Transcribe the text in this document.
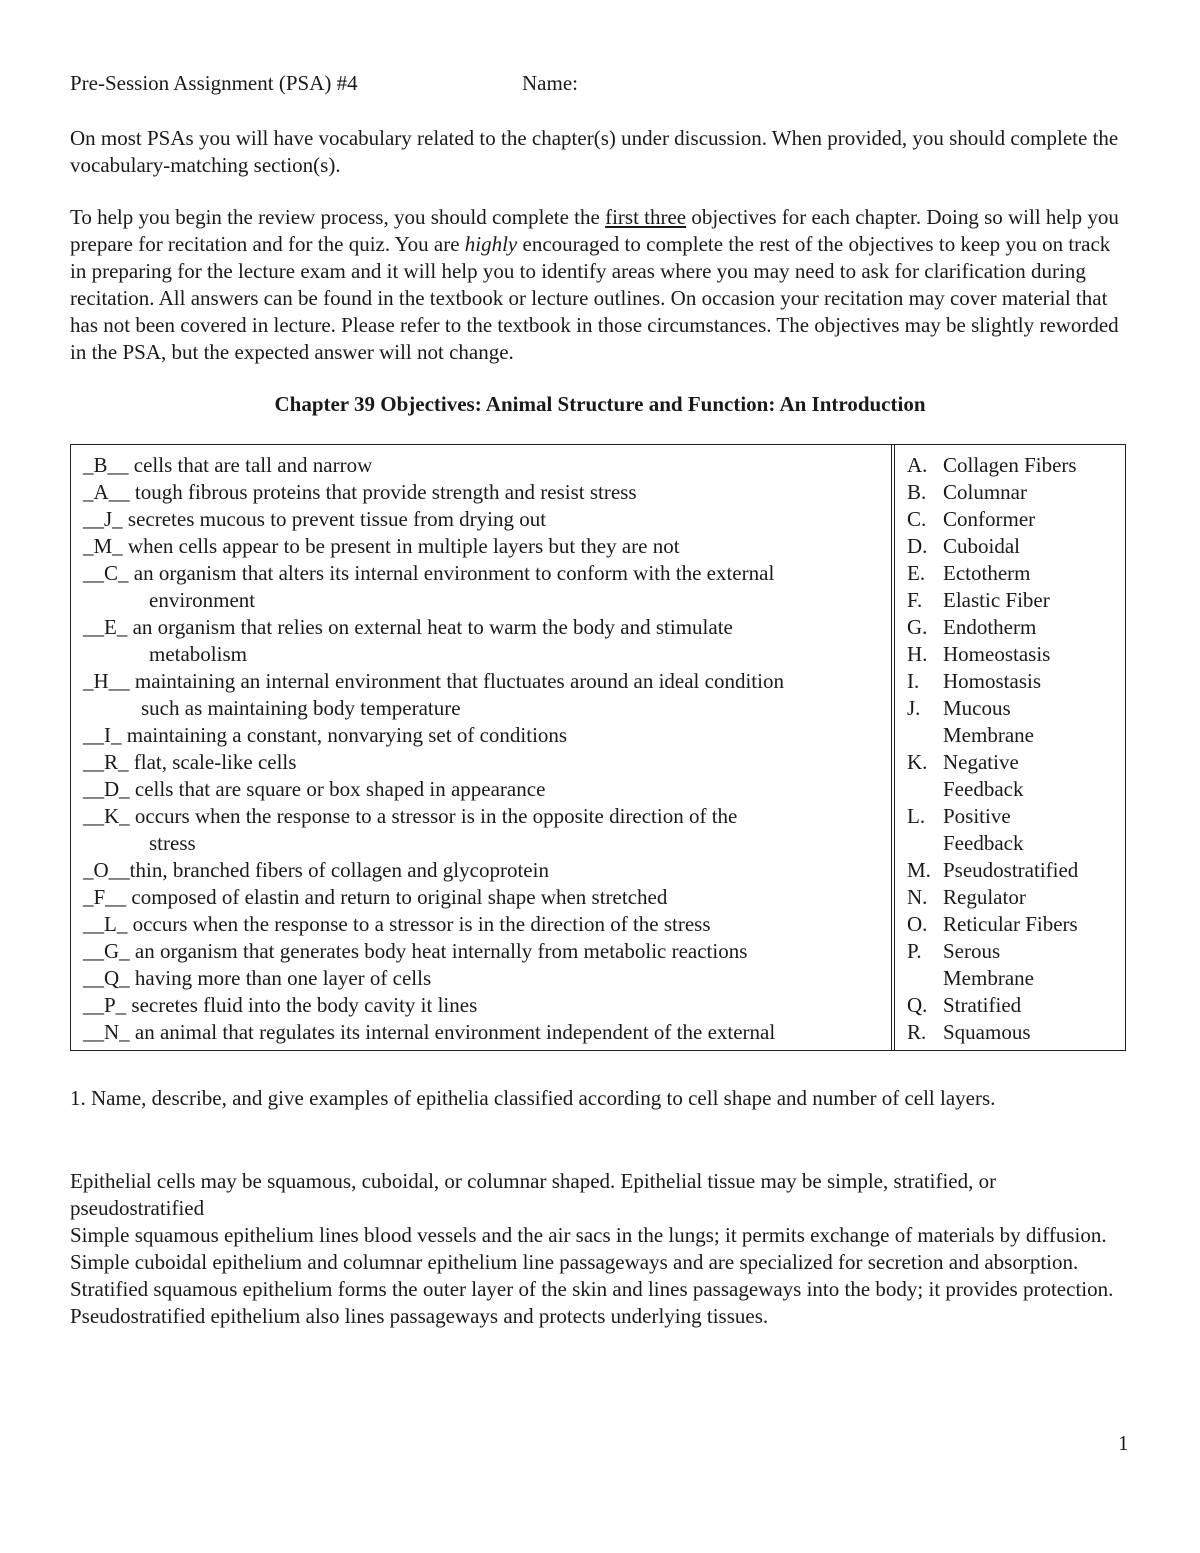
Pre-Session Assignment (PSA) #4	Name:

On most PSAs you will have vocabulary related to the chapter(s) under discussion. When provided, you should complete the vocabulary-matching section(s).

To help you begin the review process, you should complete the first three objectives for each chapter. Doing so will help you prepare for recitation and for the quiz. You are highly encouraged to complete the rest of the objectives to keep you on track in preparing for the lecture exam and it will help you to identify areas where you may need to ask for clarification during recitation. All answers can be found in the textbook or lecture outlines. On occasion your recitation may cover material that has not been covered in lecture. Please refer to the textbook in those circumstances. The objectives may be slightly reworded in the PSA, but the expected answer will not change.

Chapter 39 Objectives: Animal Structure and Function: An Introduction
_B__ cells that are tall and narrow
_A__ tough fibrous proteins that provide strength and resist stress
__J_ secretes mucous to prevent tissue from drying out
_M_ when cells appear to be present in multiple layers but they are not
__C_ an organism that alters its internal environment to conform with the external
environment
__E_ an organism that relies on external heat to warm the body and stimulate
metabolism
_H__ maintaining an internal environment that fluctuates around an ideal condition
such as maintaining body temperature
__I_ maintaining a constant, nonvarying set of conditions
__R_ flat, scale-like cells
__D_ cells that are square or box shaped in appearance
__K_ occurs when the response to a stressor is in the opposite direction of the
stress
_O__thin, branched fibers of collagen and glycoprotein
_F__ composed of elastin and return to original shape when stretched
__L_ occurs when the response to a stressor is in the direction of the stress
__G_ an organism that generates body heat internally from metabolic reactions
__Q_ having more than one layer of cells
__P_ secretes fluid into the body cavity it lines
__N_ an animal that regulates its internal environment independent of the external
A. Collagen Fibers
B. Columnar
C. Conformer
D. Cuboidal
E. Ectotherm
F. Elastic Fiber
G. Endotherm
H. Homeostasis
I.	Homostasis
J.	Mucous
Membrane
K. Negative
Feedback
L. Positive
Feedback
M. Pseudostratified
N. Regulator
O. Reticular Fibers
P.	Serous
Membrane
Q. Stratified
R. Squamous

1. Name, describe, and give examples of epithelia classified according to cell shape and number of cell layers.

Epithelial cells may be squamous, cuboidal, or columnar shaped. Epithelial tissue may be simple, stratified, or pseudostratified

Simple squamous epithelium lines blood vessels and the air sacs in the lungs; it permits exchange of materials by diffusion. Simple cuboidal epithelium and columnar epithelium line passageways and are specialized for secretion and absorption. Stratified squamous epithelium forms the outer layer of the skin and lines passageways into the body; it provides protection. Pseudostratified epithelium also lines passageways and protects underlying tissues.

1
